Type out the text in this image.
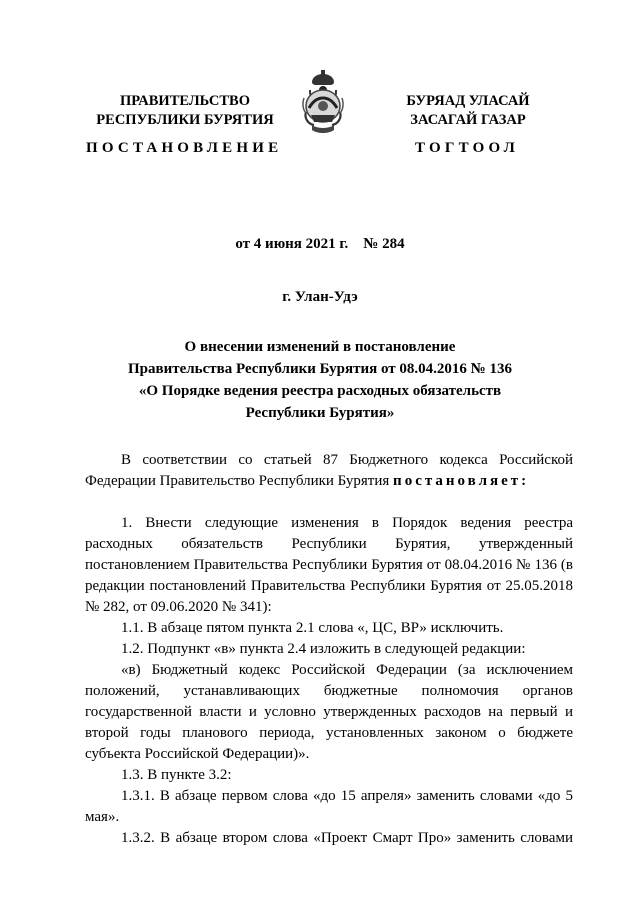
ПРАВИТЕЛЬСТВО
РЕСПУБЛИКИ БУРЯТИЯ
БУРЯАД УЛАСАЙ
ЗАСАГАЙ ГАЗАР
ПОСТАНОВЛЕНИЕ	ТОГТООЛ
от 4 июня 2021 г.    № 284
г. Улан-Удэ
О внесении изменений в постановление
Правительства Республики Бурятия от 08.04.2016 № 136
«О Порядке ведения реестра расходных обязательств
Республики Бурятия»

В соответствии со статьей 87 Бюджетного кодекса Российской Федерации Правительство Республики Бурятия постановляет:

1. Внести следующие изменения в Порядок ведения реестра расходных обязательств Республики Бурятия, утвержденный постановлением Правительства Республики Бурятия от 08.04.2016 № 136 (в редакции постановлений Правительства Республики Бурятия от 25.05.2018 № 282, от 09.06.2020 № 341):

1.1. В абзаце пятом пункта 2.1 слова «, ЦС, ВР» исключить.

1.2. Подпункт «в» пункта 2.4 изложить в следующей редакции:

«в) Бюджетный кодекс Российской Федерации (за исключением положений, устанавливающих бюджетные полномочия органов государственной власти и условно утвержденных расходов на первый и второй годы планового периода, установленных законом о бюджете субъекта Российской Федерации)».

1.3. В пункте 3.2:

1.3.1. В абзаце первом слова «до 15 апреля» заменить словами «до 5 мая».

1.3.2. В абзаце втором слова «Проект Смарт Про» заменить словами
